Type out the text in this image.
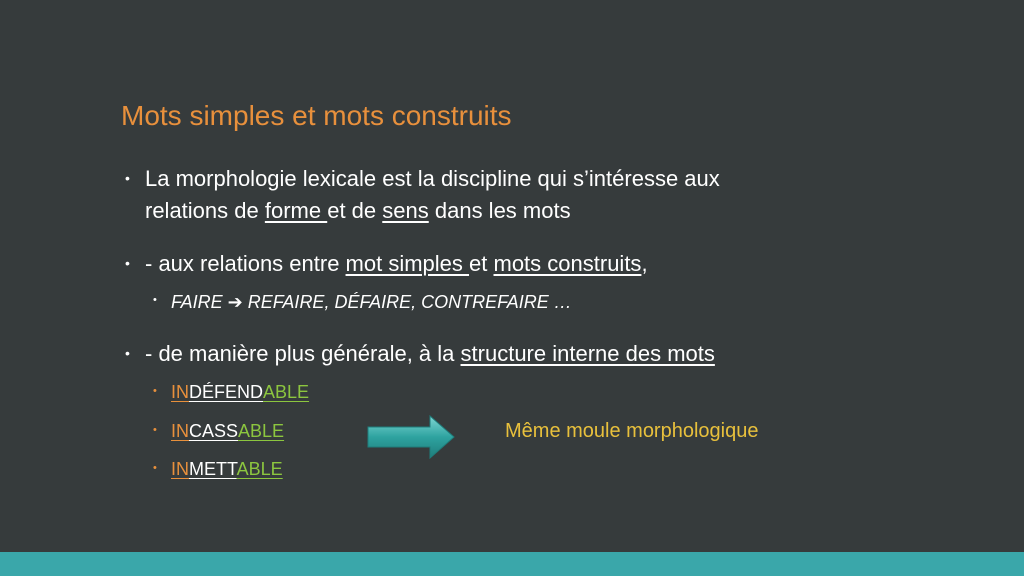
Mots simples et mots construits
• La morphologie lexicale est la discipline qui s’intéresse aux
relations de forme et de sens dans les mots
• - aux relations entre mot simples et mots construits,
• FAIRE ➔ REFAIRE, DÉFAIRE, CONTREFAIRE …
• - de manière plus générale, à la structure interne des mots
• INDÉFENDABLE
• INCASSABLE
• INMETTABLE
Même moule morphologique
